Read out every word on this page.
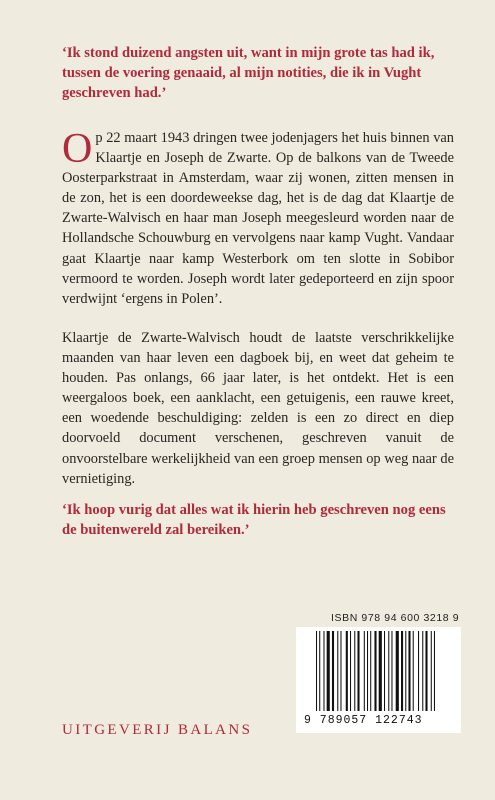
‘Ik stond duizend angsten uit, want in mijn grote tas had ik, tussen de voering genaaid, al mijn notities, die ik in Vught geschreven had.’

Op 22 maart 1943 dringen twee jodenjagers het huis binnen van Klaartje en Joseph de Zwarte. Op de balkons van de Tweede Oosterparkstraat in Amsterdam, waar zij wonen, zitten mensen in de zon, het is een doordeweekse dag, het is de dag dat Klaartje de Zwarte-Walvisch en haar man Joseph meegesleurd worden naar de Hollandsche Schouwburg en vervolgens naar kamp Vught. Vandaar gaat Klaartje naar kamp Westerbork om ten slotte in Sobibor vermoord te worden. Joseph wordt later gedeporteerd en zijn spoor verdwijnt ‘ergens in Polen’.

Klaartje de Zwarte-Walvisch houdt de laatste verschrikkelijke maanden van haar leven een dagboek bij, en weet dat geheim te houden. Pas onlangs, 66 jaar later, is het ontdekt. Het is een weergaloos boek, een aanklacht, een getuigenis, een rauwe kreet, een woedende beschuldiging: zelden is een zo direct en diep doorvoeld document verschenen, geschreven vanuit de onvoorstelbare werkelijkheid van een groep mensen op weg naar de vernietiging.

‘Ik hoop vurig dat alles wat ik hierin heb geschreven nog eens de buitenwereld zal bereiken.’

ISBN 978 94 600 3218 9
9 789057 122743
UITGEVERIJ BALANS
